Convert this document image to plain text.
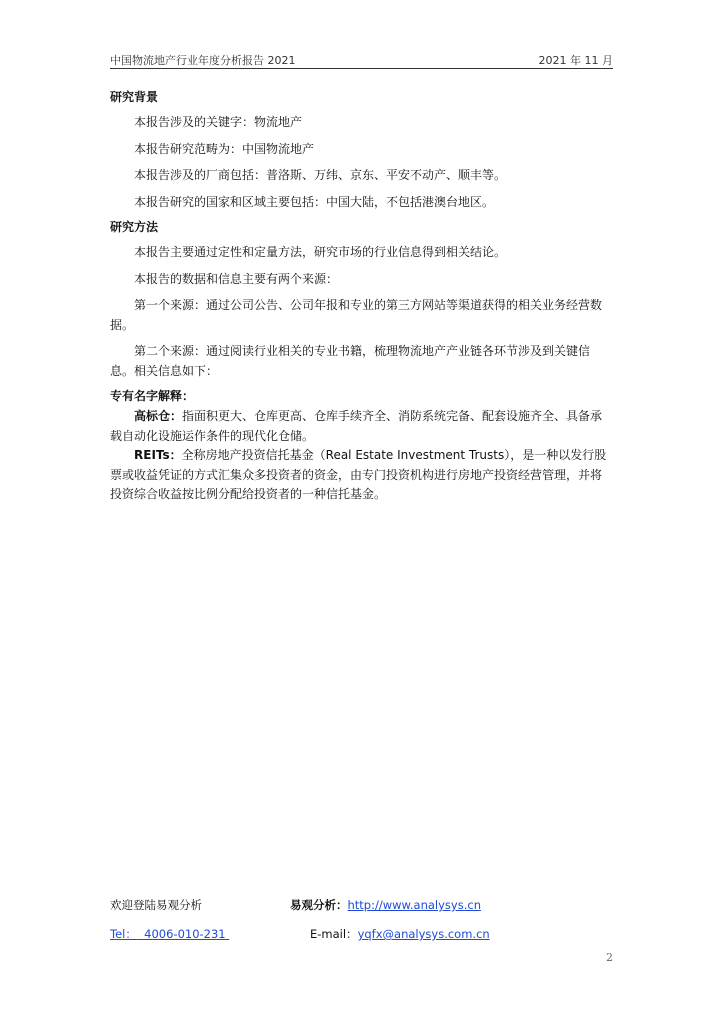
中国物流地产行业年度分析报告 2021	2021 年 11 月

研究背景

本报告涉及的关键字：物流地产

本报告研究范畴为：中国物流地产

本报告涉及的厂商包括：普洛斯、万纬、京东、平安不动产、顺丰等。

本报告研究的国家和区域主要包括：中国大陆，不包括港澳台地区。

研究方法

本报告主要通过定性和定量方法，研究市场的行业信息得到相关结论。

本报告的数据和信息主要有两个来源：

第一个来源：通过公司公告、公司年报和专业的第三方网站等渠道获得的相关业务经营数据。

第二个来源：通过阅读行业相关的专业书籍，梳理物流地产产业链各环节涉及到关键信息。相关信息如下：

专有名字解释：

高标仓：指面积更大、仓库更高、仓库手续齐全、消防系统完备、配套设施齐全、具备承载自动化设施运作条件的现代化仓储。

REITs：全称房地产投资信托基金（Real Estate Investment Trusts），是一种以发行股票或收益凭证的方式汇集众多投资者的资金，由专门投资机构进行房地产投资经营管理，并将投资综合收益按比例分配给投资者的一种信托基金。

欢迎登陆易观分析	易观分析：http://www.analysys.cn
Tel： 4006-010-231	E-mail：yqfx@analysys.com.cn
2
